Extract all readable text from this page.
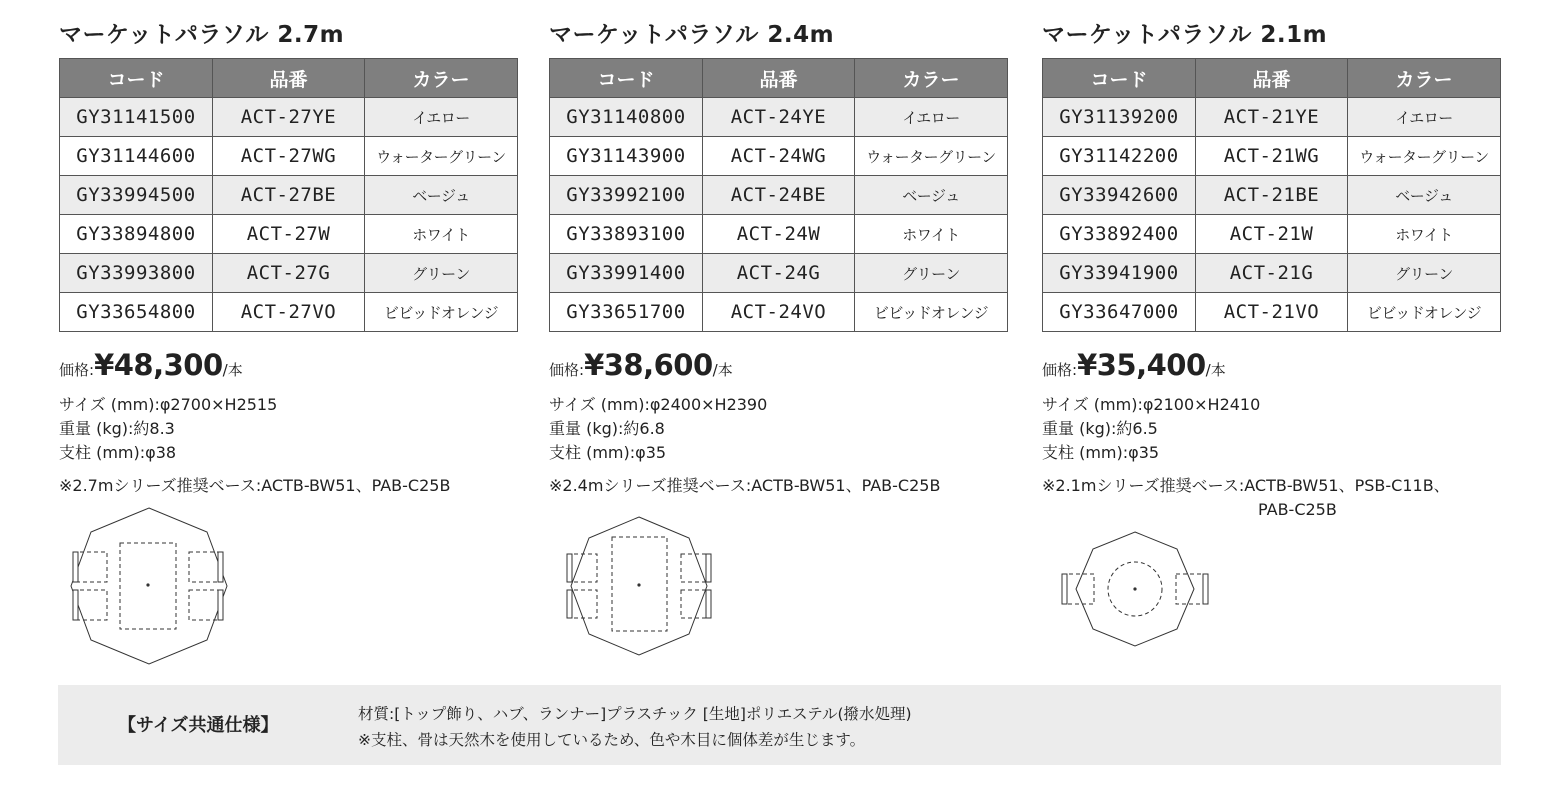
マーケットパラソル 2.7m
コード	品番	カラー
GY31141500	ACT-27YE	イエロー
GY31144600	ACT-27WG	ウォーターグリーン
GY33994500	ACT-27BE	ベージュ
GY33894800	ACT-27W	ホワイト
GY33993800	ACT-27G	グリーン
GY33654800	ACT-27VO	ビビッドオレンジ
価格:¥48,300/本
サイズ (mm):φ2700×H2515
重量 (kg):約8.3
支柱 (mm):φ38
※2.7mシリーズ推奨ベース:ACTB-BW51、PAB-C25B
マーケットパラソル 2.4m
コード	品番	カラー
GY31140800	ACT-24YE	イエロー
GY31143900	ACT-24WG	ウォーターグリーン
GY33992100	ACT-24BE	ベージュ
GY33893100	ACT-24W	ホワイト
GY33991400	ACT-24G	グリーン
GY33651700	ACT-24VO	ビビッドオレンジ
価格:¥38,600/本
サイズ (mm):φ2400×H2390
重量 (kg):約6.8
支柱 (mm):φ35
※2.4mシリーズ推奨ベース:ACTB-BW51、PAB-C25B
マーケットパラソル 2.1m
コード	品番	カラー
GY31139200	ACT-21YE	イエロー
GY31142200	ACT-21WG	ウォーターグリーン
GY33942600	ACT-21BE	ベージュ
GY33892400	ACT-21W	ホワイト
GY33941900	ACT-21G	グリーン
GY33647000	ACT-21VO	ビビッドオレンジ
価格:¥35,400/本
サイズ (mm):φ2100×H2410
重量 (kg):約6.5
支柱 (mm):φ35
※2.1mシリーズ推奨ベース:ACTB-BW51、PSB-C11B、
PAB-C25B
【サイズ共通仕様】
材質:[トップ飾り、ハブ、ランナー]プラスチック [生地]ポリエステル(撥水処理)
※支柱、骨は天然木を使用しているため、色や木目に個体差が生じます。
